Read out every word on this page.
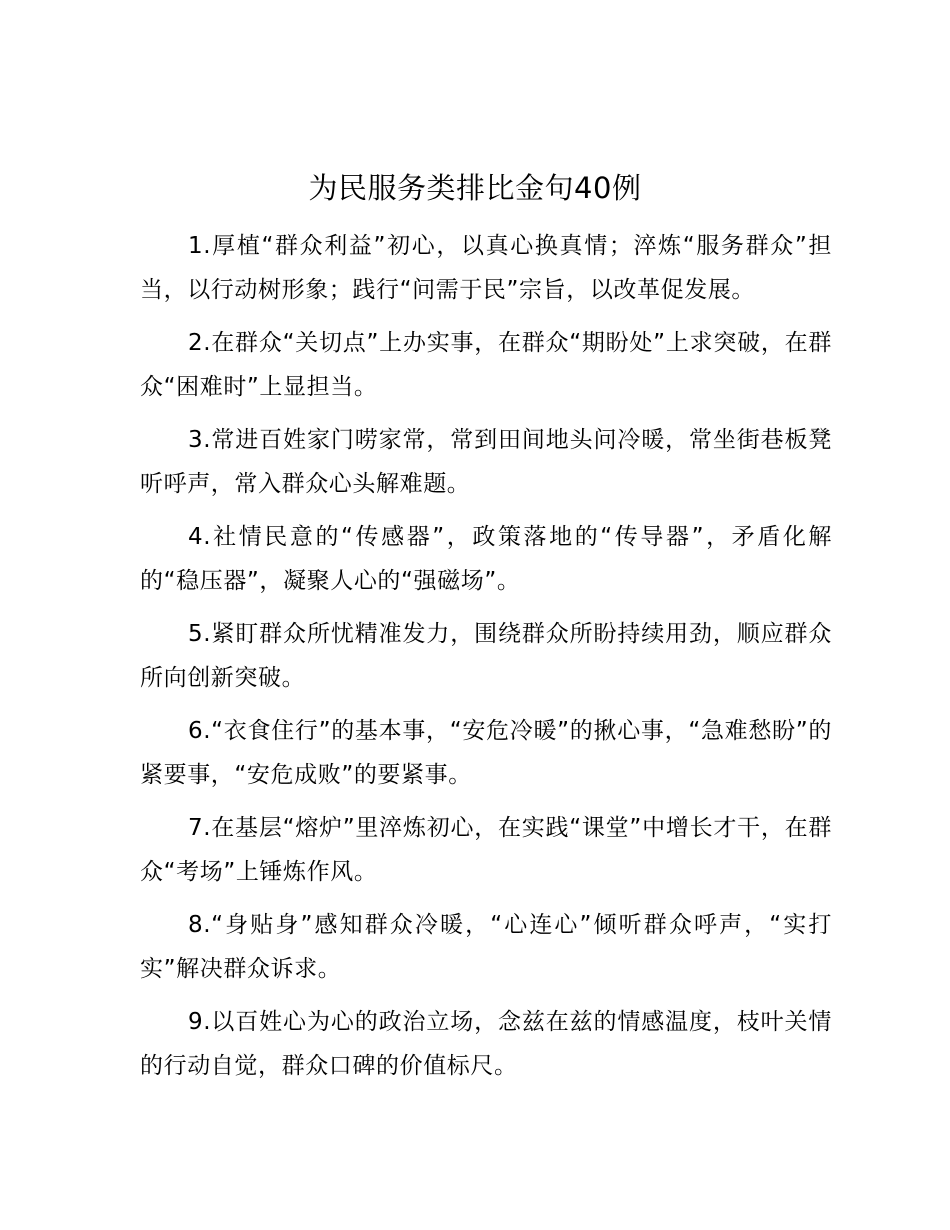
为民服务类排比金句40例

1.厚植“群众利益”初心，以真心换真情；淬炼“服务群众”担当，以行动树形象；践行“问需于民”宗旨，以改革促发展。

2.在群众“关切点”上办实事，在群众“期盼处”上求突破，在群众“困难时”上显担当。

3.常进百姓家门唠家常，常到田间地头问冷暖，常坐街巷板凳听呼声，常入群众心头解难题。

4.社情民意的“传感器”，政策落地的“传导器”，矛盾化解的“稳压器”，凝聚人心的“强磁场”。

5.紧盯群众所忧精准发力，围绕群众所盼持续用劲，顺应群众所向创新突破。

6.“衣食住行”的基本事，“安危冷暖”的揪心事，“急难愁盼”的紧要事，“安危成败”的要紧事。

7.在基层“熔炉”里淬炼初心，在实践“课堂”中增长才干，在群众“考场”上锤炼作风。

8.“身贴身”感知群众冷暖，“心连心”倾听群众呼声，“实打实”解决群众诉求。

9.以百姓心为心的政治立场，念兹在兹的情感温度，枝叶关情的行动自觉，群众口碑的价值标尺。
